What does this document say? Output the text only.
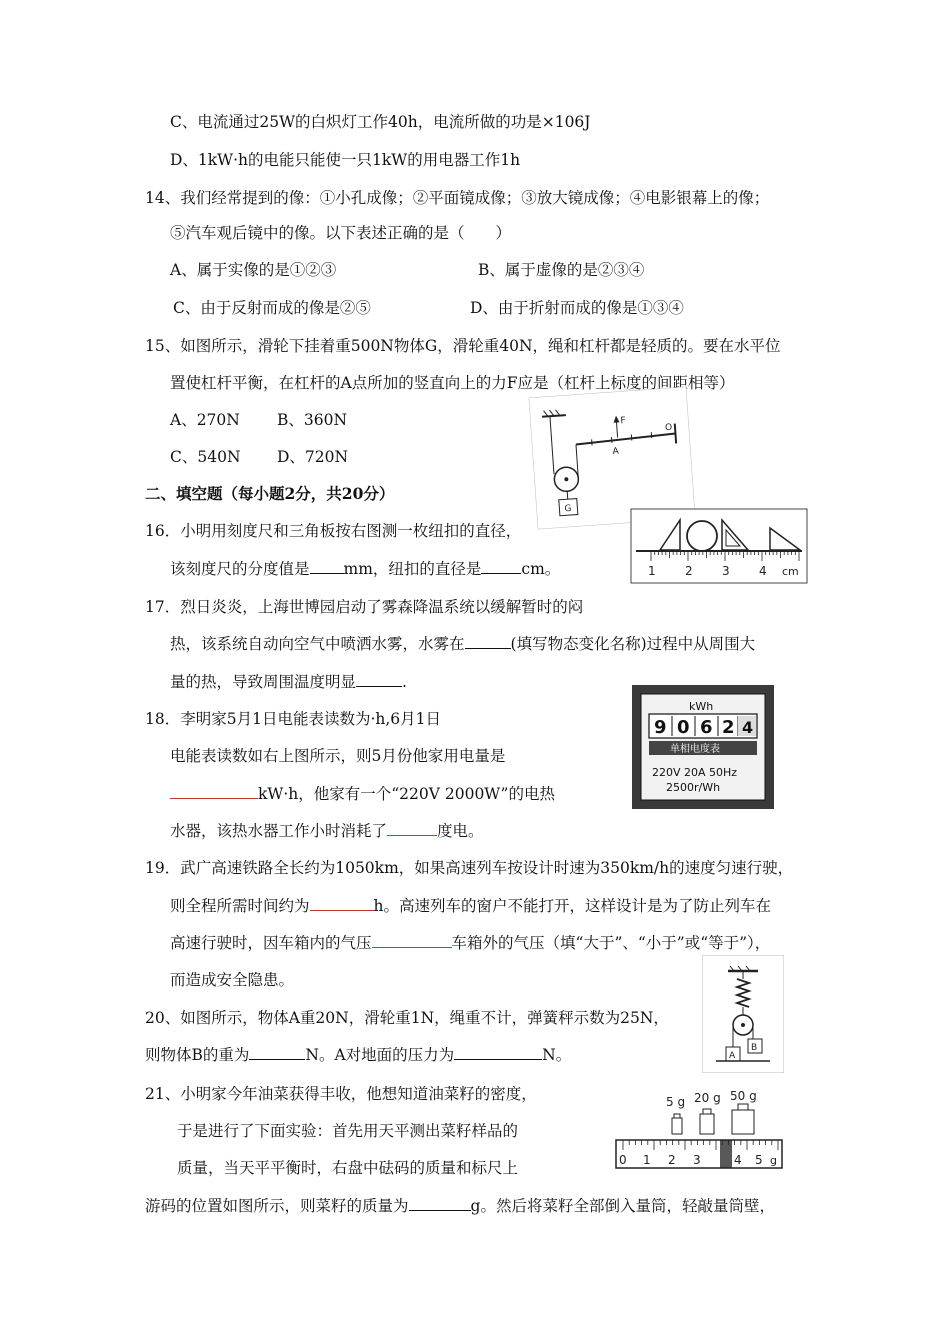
C、电流通过25W的白炽灯工作40h，电流所做的功是×106J
D、1kW·h的电能只能使一只1kW的用电器工作1h
14、我们经常提到的像：①小孔成像；②平面镜成像；③放大镜成像；④电影银幕上的像；
⑤汽车观后镜中的像。以下表述正确的是（　　）
A、属于实像的是①②③	B、属于虚像的是②③④
C、由于反射而成的像是②⑤	D、由于折射而成的像是①③④
15、如图所示，滑轮下挂着重500N物体G，滑轮重40N，绳和杠杆都是轻质的。要在水平位
置使杠杆平衡，在杠杆的A点所加的竖直向上的力F应是（杠杆上标度的间距相等）
A、270N B、360N
C、540N D、720N
F
A
O
G
二、填空题（每小题2分，共20分）
16．小明用刻度尺和三角板按右图测一枚纽扣的直径，
该刻度尺的分度值是 mm，纽扣的直径是	cm。	1 2 3 4 cm
17．烈日炎炎，上海世博园启动了雾森降温系统以缓解暂时的闷
热，该系统自动向空气中喷洒水雾，水雾在	(填写物态变化名称)过程中从周围大
量的热，导致周围温度明显	.
kWh
9 0 6 2 4
单相电度表
220V 20A 50Hz
2500r/Wh
18．李明家5月1日电能表读数为·h,6月1日
电能表读数如右上图所示，则5月份他家用电量是
kW·h，他家有一个“220V 2000W”的电热
水器，该热水器工作小时消耗了	度电。
19．武广高速铁路全长约为1050km，如果高速列车按设计时速为350km/h的速度匀速行驶，
则全程所需时间约为	h。高速列车的窗户不能打开，这样设计是为了防止列车在
高速行驶时，因车箱内的气压	车箱外的气压（填“大于”、“小于”或“等于”），
而造成安全隐患。
A
B
20、如图所示，物体A重20N，滑轮重1N，绳重不计，弹簧秤示数为25N，
则物体B的重为	N。A对地面的压力为	N。
5 g 20 g 50 g
0 1 2 3	4 5 g
21、小明家今年油菜获得丰收，他想知道油菜籽的密度，
于是进行了下面实验：首先用天平测出菜籽样品的
质量，当天平平衡时，右盘中砝码的质量和标尺上
游码的位置如图所示，则菜籽的质量为	g。然后将菜籽全部倒入量筒，轻敲量筒壁，
